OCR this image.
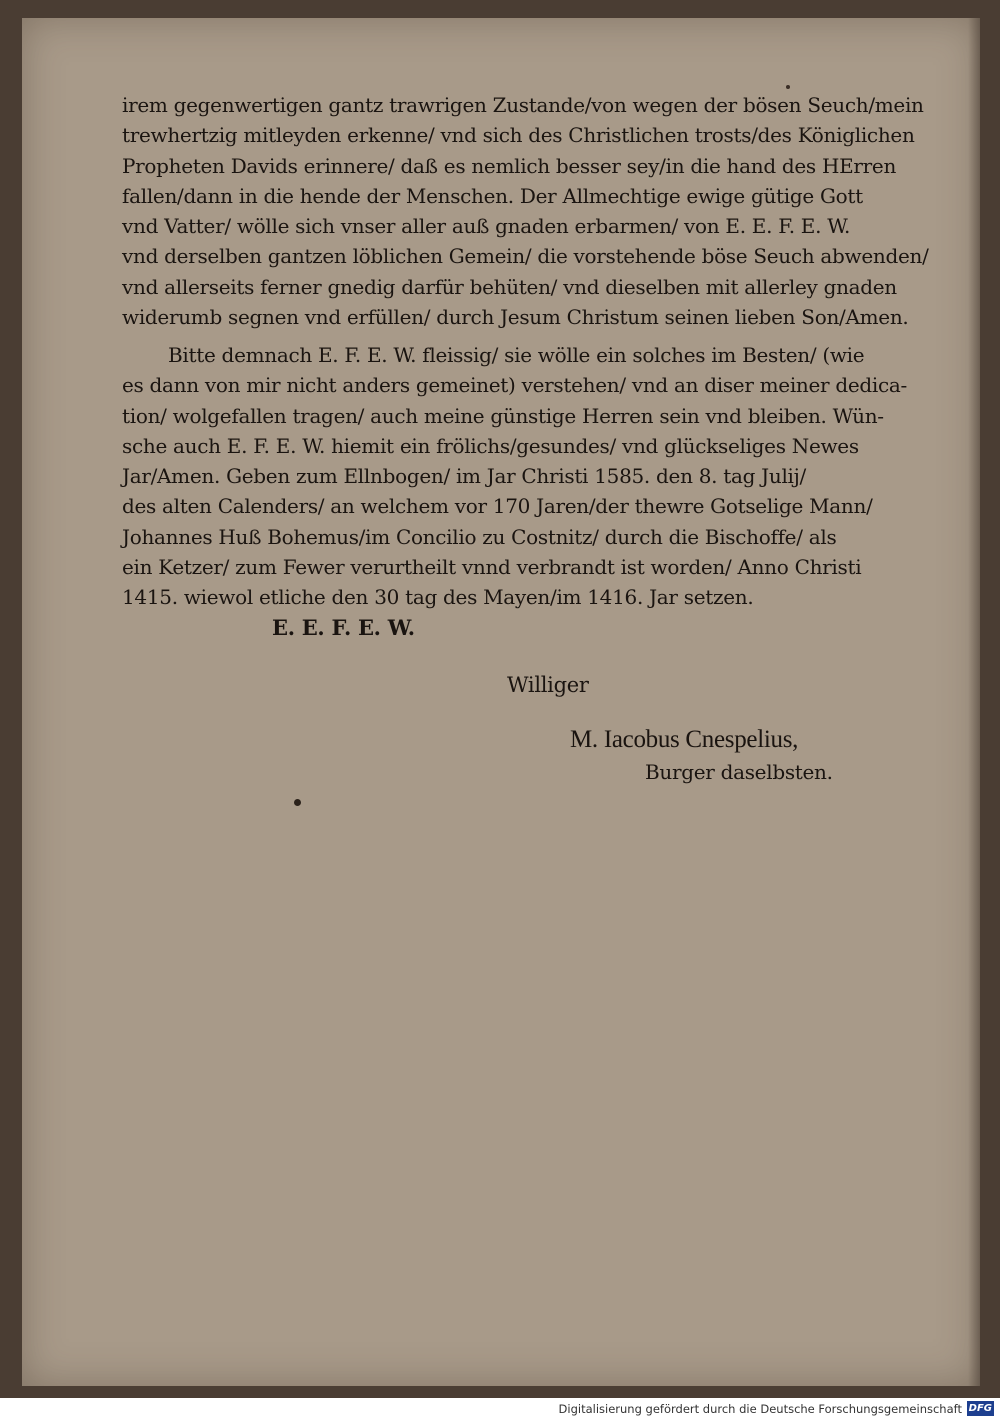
irem gegenwertigen gantz trawrigen Zustande/von wegen der bösen Seuch/mein
trewhertzig mitleyden erkenne/ vnd sich des Christlichen trosts/des Königlichen
Propheten Davids erinnere/ daß es nemlich besser sey/in die hand des HErren
fallen/dann in die hende der Menschen. Der Allmechtige ewige gütige Gott
vnd Vatter/ wölle sich vnser aller auß gnaden erbarmen/ von E. E. F. E. W.
vnd derselben gantzen löblichen Gemein/ die vorstehende böse Seuch abwenden/
vnd allerseits ferner gnedig darfür behüten/ vnd dieselben mit allerley gnaden
widerumb segnen vnd erfüllen/ durch Jesum Christum seinen lieben Son/Amen.
Bitte demnach E. F. E. W. fleissig/ sie wölle ein solches im Besten/ (wie
es dann von mir nicht anders gemeinet) verstehen/ vnd an diser meiner dedica-
tion/ wolgefallen tragen/ auch meine günstige Herren sein vnd bleiben. Wün-
sche auch E. F. E. W. hiemit ein frölichs/gesundes/ vnd glückseliges Newes
Jar/Amen. Geben zum Ellnbogen/ im Jar Christi 1585. den 8. tag Julij/
des alten Calenders/ an welchem vor 170 Jaren/der thewre Gotselige Mann/
Johannes Huß Bohemus/im Concilio zu Costnitz/ durch die Bischoffe/ als
ein Ketzer/ zum Fewer verurtheilt vnnd verbrandt ist worden/ Anno Christi
1415. wiewol etliche den 30 tag des Mayen/im 1416. Jar setzen.
E. E. F. E. W.
Williger
M. Iacobus Cnespelius,
Burger daselbsten.
Digitalisierung gefördert durch die Deutsche Forschungsgemeinschaft DFG
